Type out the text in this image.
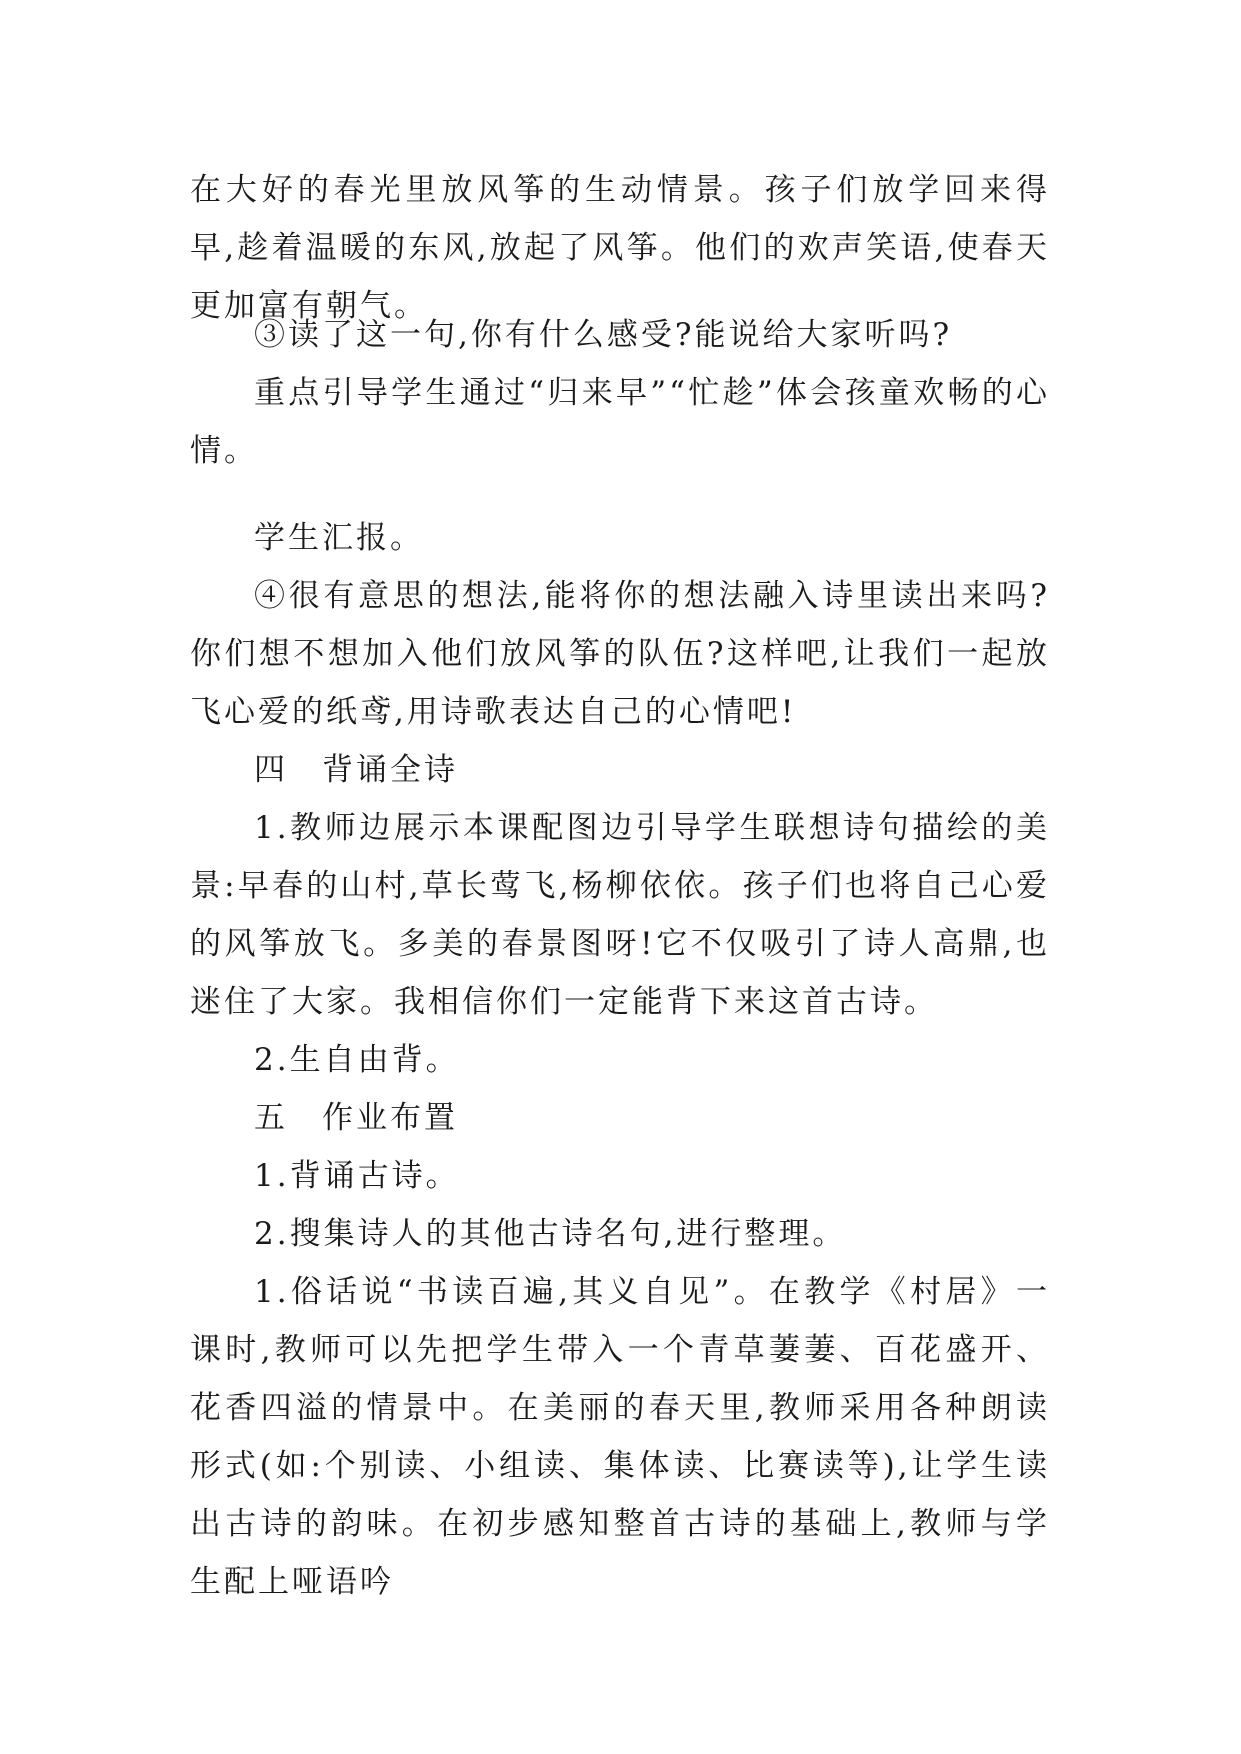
在大好的春光里放风筝的生动情景。孩子们放学回来得早,趁着温暖的东风,放起了风筝。他们的欢声笑语,使春天更加富有朝气。

③读了这一句,你有什么感受?能说给大家听吗?

重点引导学生通过“归来早”“忙趁”体会孩童欢畅的心情。

学生汇报。

④很有意思的想法,能将你的想法融入诗里读出来吗?你们想不想加入他们放风筝的队伍?这样吧,让我们一起放飞心爱的纸鸢,用诗歌表达自己的心情吧!

四　背诵全诗

1.教师边展示本课配图边引导学生联想诗句描绘的美景:早春的山村,草长莺飞,杨柳依依。孩子们也将自己心爱的风筝放飞。多美的春景图呀!它不仅吸引了诗人高鼎,也迷住了大家。我相信你们一定能背下来这首古诗。

2.生自由背。

五　作业布置

1.背诵古诗。

2.搜集诗人的其他古诗名句,进行整理。

1.俗话说“书读百遍,其义自见”。在教学《村居》一课时,教师可以先把学生带入一个青草萋萋、百花盛开、花香四溢的情景中。在美丽的春天里,教师采用各种朗读形式(如:个别读、小组读、集体读、比赛读等),让学生读出古诗的韵味。在初步感知整首古诗的基础上,教师与学生配上哑语吟
